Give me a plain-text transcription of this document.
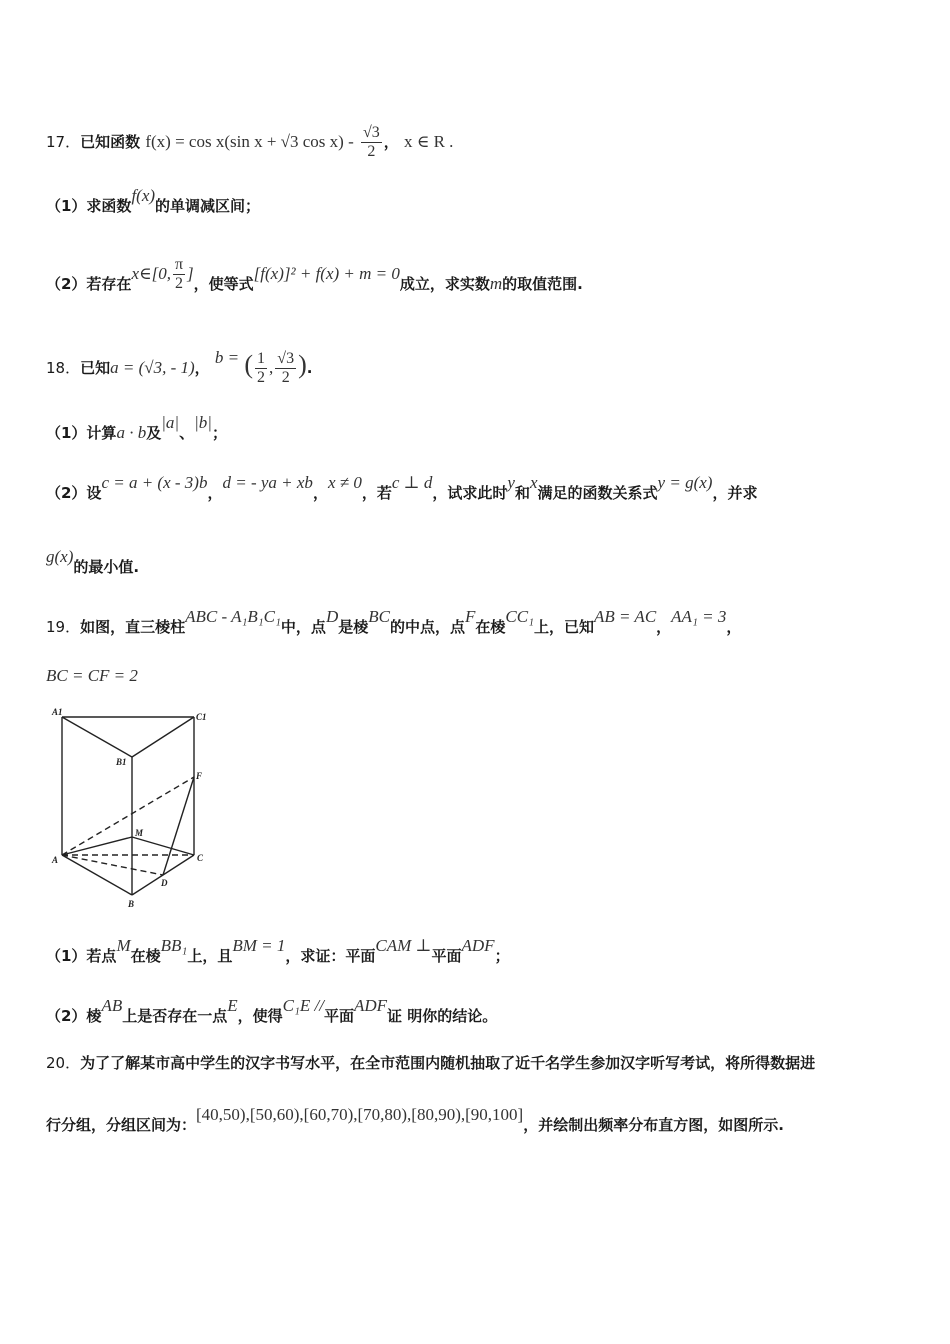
17．已知函数 f(x) = cos x(sin x + √3 $\cos x) - \frac{√3}{2}$ ， x ∈ R .
（1）求函数f(x)的单调减区间；
（2）若存在x∈[0, $\frac{\pi}{2}$ ]，使等式[f(x)]² + f(x) + m = 0成立，求实数m的取值范围.
18．已知a = (√3, - 1)， b = ( $\frac{1}{2}$ , $\frac{√3}{2}$ ).
（1）计算a · b及|a|、|b|；
（2）设c = a + (x - 3)b，d = - ya + xb，x ≠ 0，若c ⊥ d，试求此时y和x满足的函数关系式y = g(x)，并求
g(x)的最小值.
19．如图，直三棱柱ABC - A₁B₁C₁中，点D是棱BC的中点，点F在棱CC₁上，已知AB = AC，AA₁ = 3，
BC = CF = 2
A1	C1
B1
F
M
A	C
D
B
（1）若点M在棱BB₁上，且BM = 1，求证：平面CAM ⊥平面ADF；
（2）棱AB上是否存在一点E，使得C₁E //平面ADF证 明你的结论。
20．为了了解某市高中学生的汉字书写水平，在全市范围内随机抽取了近千名学生参加汉字听写考试，将所得数据进
行分组，分组区间为：[40,50),[50,60),[60,70),[70,80),[80,90),[90,100]，并绘制出频率分布直方图，如图所示.
